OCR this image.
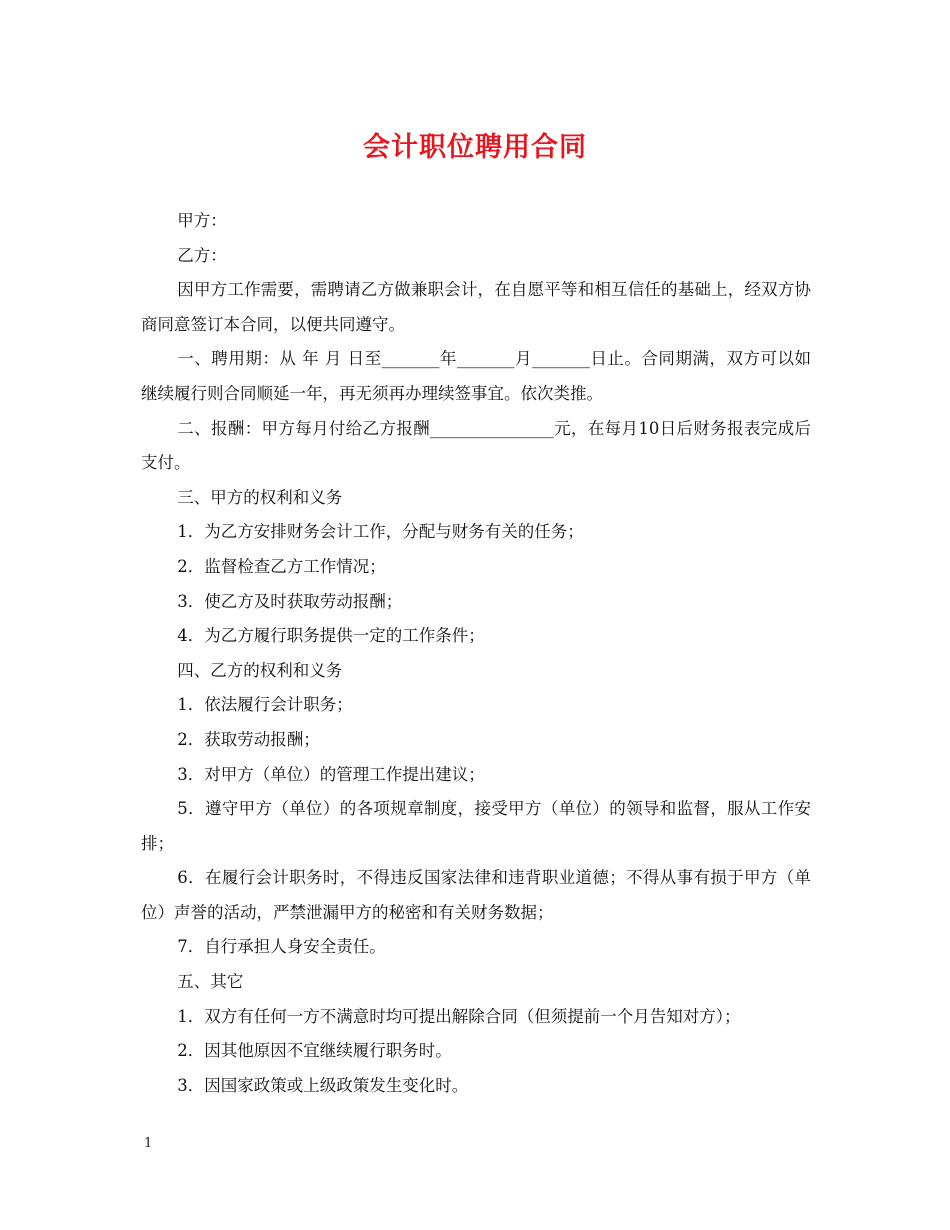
会计职位聘用合同

甲方：

乙方：

因甲方工作需要，需聘请乙方做兼职会计，在自愿平等和相互信任的基础上，经双方协商同意签订本合同，以便共同遵守。

一、聘用期：从 年 月 日至_______年_______月_______日止。合同期满，双方可以如继续履行则合同顺延一年，再无须再办理续签事宜。依次类推。

二、报酬：甲方每月付给乙方报酬_______________元，在每月10日后财务报表完成后支付。

三、甲方的权利和义务

1．为乙方安排财务会计工作，分配与财务有关的任务；

2．监督检查乙方工作情况；

3．使乙方及时获取劳动报酬；

4．为乙方履行职务提供一定的工作条件；

四、乙方的权利和义务

1．依法履行会计职务；

2．获取劳动报酬；

3．对甲方（单位）的管理工作提出建议；

5．遵守甲方（单位）的各项规章制度，接受甲方（单位）的领导和监督，服从工作安排；

6．在履行会计职务时，不得违反国家法律和违背职业道德；不得从事有损于甲方（单位）声誉的活动，严禁泄漏甲方的秘密和有关财务数据；

7．自行承担人身安全责任。

五、其它

1．双方有任何一方不满意时均可提出解除合同（但须提前一个月告知对方）；

2．因其他原因不宜继续履行职务时。

3．因国家政策或上级政策发生变化时。

1
